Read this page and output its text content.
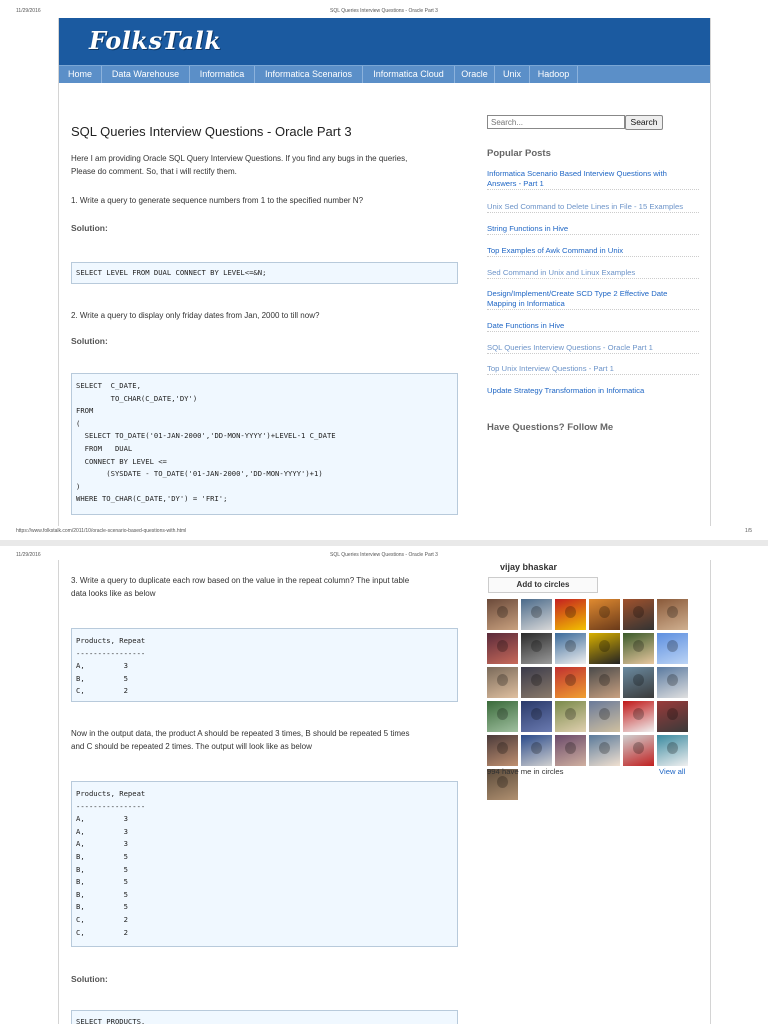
11/29/2016	SQL Queries Interview Questions - Oracle Part 3
FolksTalk
Home	Data Warehouse	Informatica	Informatica Scenarios	Informatica Cloud	Oracle	Unix	Hadoop
SQL Queries Interview Questions - Oracle Part 3
Here I am providing Oracle SQL Query Interview Questions. If you find any bugs in the queries,
Please do comment. So, that i will rectify them.
1. Write a query to generate sequence numbers from 1 to the specified number N?
Solution:
SELECT LEVEL FROM DUAL CONNECT BY LEVEL<=&N;
2. Write a query to display only friday dates from Jan, 2000 to till now?
Solution:
SELECT  C_DATE,
TO_CHAR(C_DATE,'DY')
FROM
(
SELECT TO_DATE('01-JAN-2000','DD-MON-YYYY')+LEVEL-1 C_DATE
FROM   DUAL
CONNECT BY LEVEL <=
(SYSDATE - TO_DATE('01-JAN-2000','DD-MON-YYYY')+1)
)
WHERE TO_CHAR(C_DATE,'DY') = 'FRI';
Search...
Search
Popular Posts
Informatica Scenario Based Interview Questions with
Answers - Part 1
Unix Sed Command to Delete Lines in File - 15 Examples
String Functions in Hive
Top Examples of Awk Command in Unix
Sed Command in Unix and Linux Examples
Design/Implement/Create SCD Type 2 Effective Date
Mapping in Informatica
Date Functions in Hive
SQL Queries Interview Questions - Oracle Part 1
Top Unix Interview Questions - Part 1
Update Strategy Transformation in Informatica
Have Questions? Follow Me
https://www.folkstalk.com/2011/10/oracle-scenario-based-questions-with.html	1/5
11/29/2016	SQL Queries Interview Questions - Oracle Part 3
3. Write a query to duplicate each row based on the value in the repeat column? The input table
data looks like as below
Products, Repeat
----------------
A,         3
B,         5
C,         2
Now in the output data, the product A should be repeated 3 times, B should be repeated 5 times
and C should be repeated 2 times. The output will look like as below
Products, Repeat
----------------
A,         3
A,         3
A,         3
B,         5
B,         5
B,         5
B,         5
B,         5
C,         2
C,         2
Solution:
SELECT PRODUCTS,
vijay bhaskar
Add to circles
994 have me in circles	View all
